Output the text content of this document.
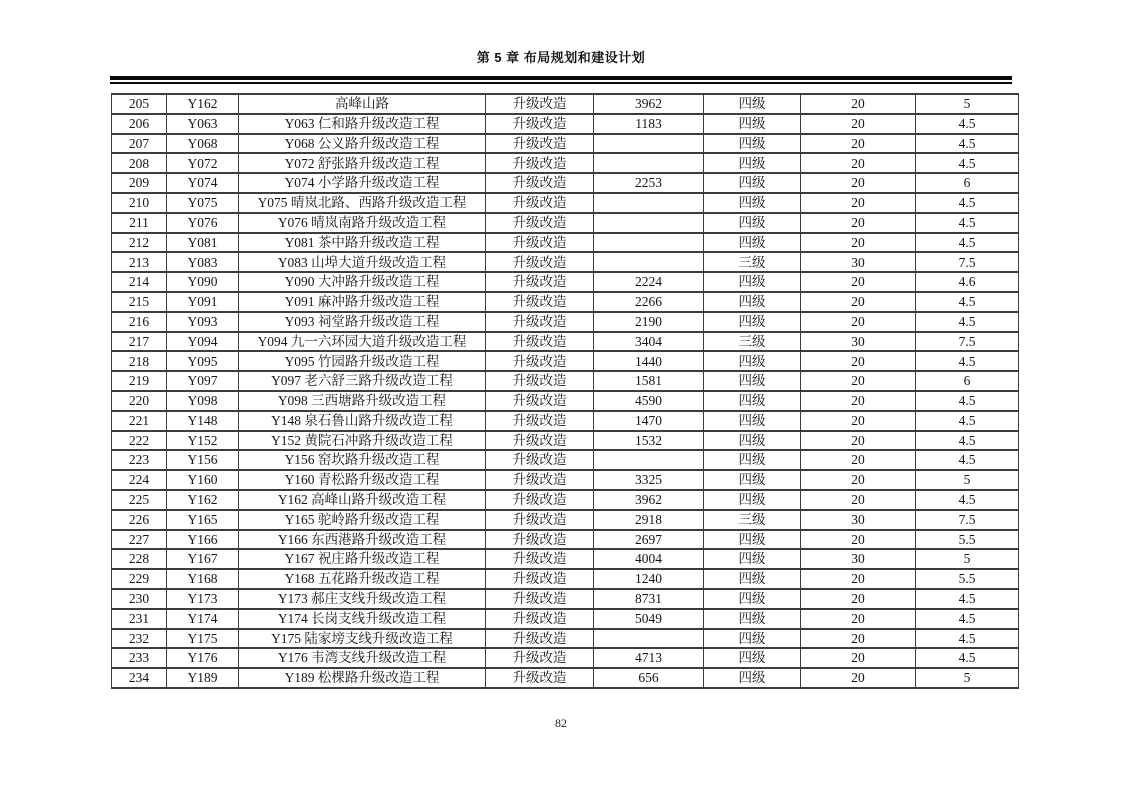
第 5 章 布局规划和建设计划
205	Y162	高峰山路	升级改造	3962	四级	20	5
206	Y063	Y063 仁和路升级改造工程	升级改造	1183	四级	20	4.5
207	Y068	Y068 公义路升级改造工程	升级改造		四级	20	4.5
208	Y072	Y072 舒张路升级改造工程	升级改造		四级	20	4.5
209	Y074	Y074 小学路升级改造工程	升级改造	2253	四级	20	6
210	Y075	Y075 晴岚北路、西路升级改造工程	升级改造		四级	20	4.5
211	Y076	Y076 晴岚南路升级改造工程	升级改造		四级	20	4.5
212	Y081	Y081 茶中路升级改造工程	升级改造		四级	20	4.5
213	Y083	Y083 山埠大道升级改造工程	升级改造		三级	30	7.5
214	Y090	Y090 大冲路升级改造工程	升级改造	2224	四级	20	4.6
215	Y091	Y091 麻冲路升级改造工程	升级改造	2266	四级	20	4.5
216	Y093	Y093 祠堂路升级改造工程	升级改造	2190	四级	20	4.5
217	Y094	Y094 九一六环园大道升级改造工程	升级改造	3404	三级	30	7.5
218	Y095	Y095 竹园路升级改造工程	升级改造	1440	四级	20	4.5
219	Y097	Y097 老六舒三路升级改造工程	升级改造	1581	四级	20	6
220	Y098	Y098 三西塘路升级改造工程	升级改造	4590	四级	20	4.5
221	Y148	Y148 泉石鲁山路升级改造工程	升级改造	1470	四级	20	4.5
222	Y152	Y152 黄院石冲路升级改造工程	升级改造	1532	四级	20	4.5
223	Y156	Y156 窑坎路升级改造工程	升级改造		四级	20	4.5
224	Y160	Y160 青松路升级改造工程	升级改造	3325	四级	20	5
225	Y162	Y162 高峰山路升级改造工程	升级改造	3962	四级	20	4.5
226	Y165	Y165 驼岭路升级改造工程	升级改造	2918	三级	30	7.5
227	Y166	Y166 东西港路升级改造工程	升级改造	2697	四级	20	5.5
228	Y167	Y167 祝庄路升级改造工程	升级改造	4004	四级	30	5
229	Y168	Y168 五花路升级改造工程	升级改造	1240	四级	20	5.5
230	Y173	Y173 郝庄支线升级改造工程	升级改造	8731	四级	20	4.5
231	Y174	Y174 长岗支线升级改造工程	升级改造	5049	四级	20	4.5
232	Y175	Y175 陆家塝支线升级改造工程	升级改造		四级	20	4.5
233	Y176	Y176 韦湾支线升级改造工程	升级改造	4713	四级	20	4.5
234	Y189	Y189 松棵路升级改造工程	升级改造	656	四级	20	5
82
